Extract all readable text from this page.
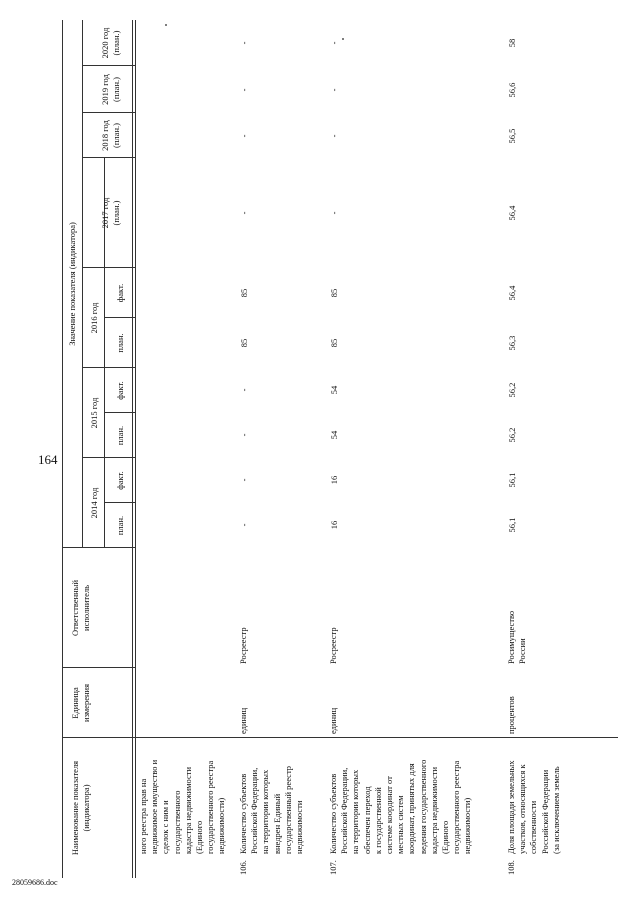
164
28059686.doc
Наименование показателя
(индикатора)
Единица
измерения
Ответственный
исполнитель
Значение показателя (индикатора)
2014 год
2015 год
2016 год
2017 год
(план.)
2018 год
(план.)
2019 год
(план.)
2020 год
(план.)
план.
факт.
план.
факт.
план.
факт.
ного реестра прав на
недвижимое имущество и
сделок с ним и
государственного
кадастра недвижимости
(Единого
государственного реестра
недвижимости)
106.
Количество субъектов
Российской Федерации,
на территории которых
внедрен Единый
государственный реестр
недвижимости
единиц
Росреестр
-
-
-
-
85
85
-
-
-
-
107.
Количество субъектов
Российской Федерации,
на территории которых
обеспечен переход
к государственной
системе координат от
местных систем
координат, принятых для
ведения государственного
кадастра недвижимости
(Единого
государственного реестра
недвижимости)
единиц
Росреестр
16
16
54
54
85
85
-
-
-
-
108.
Доля площади земельных
участков, относящихся к
собственности
Российской Федерации
(за исключением земель
процентов
Росимущество
России
56,1
56,1
56,2
56,2
56,3
56,4
56,4
56,5
56,6
58
